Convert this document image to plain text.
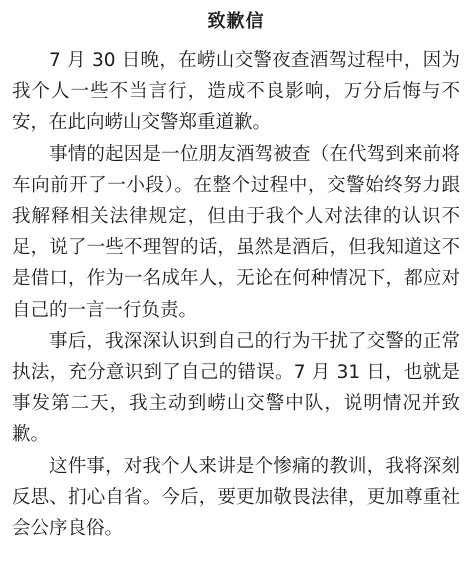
致歉信

7 月 30 日晚，在崂山交警夜查酒驾过程中，因为我个人一些不当言行，造成不良影响，万分后悔与不安，在此向崂山交警郑重道歉。

事情的起因是一位朋友酒驾被查（在代驾到来前将车向前开了一小段）。在整个过程中，交警始终努力跟我解释相关法律规定，但由于我个人对法律的认识不足，说了一些不理智的话，虽然是酒后，但我知道这不是借口，作为一名成年人，无论在何种情况下，都应对自己的一言一行负责。

事后，我深深认识到自己的行为干扰了交警的正常执法，充分意识到了自己的错误。7 月 31 日，也就是事发第二天，我主动到崂山交警中队，说明情况并致歉。

这件事，对我个人来讲是个惨痛的教训，我将深刻反思、扪心自省。今后，要更加敬畏法律，更加尊重社会公序良俗。
